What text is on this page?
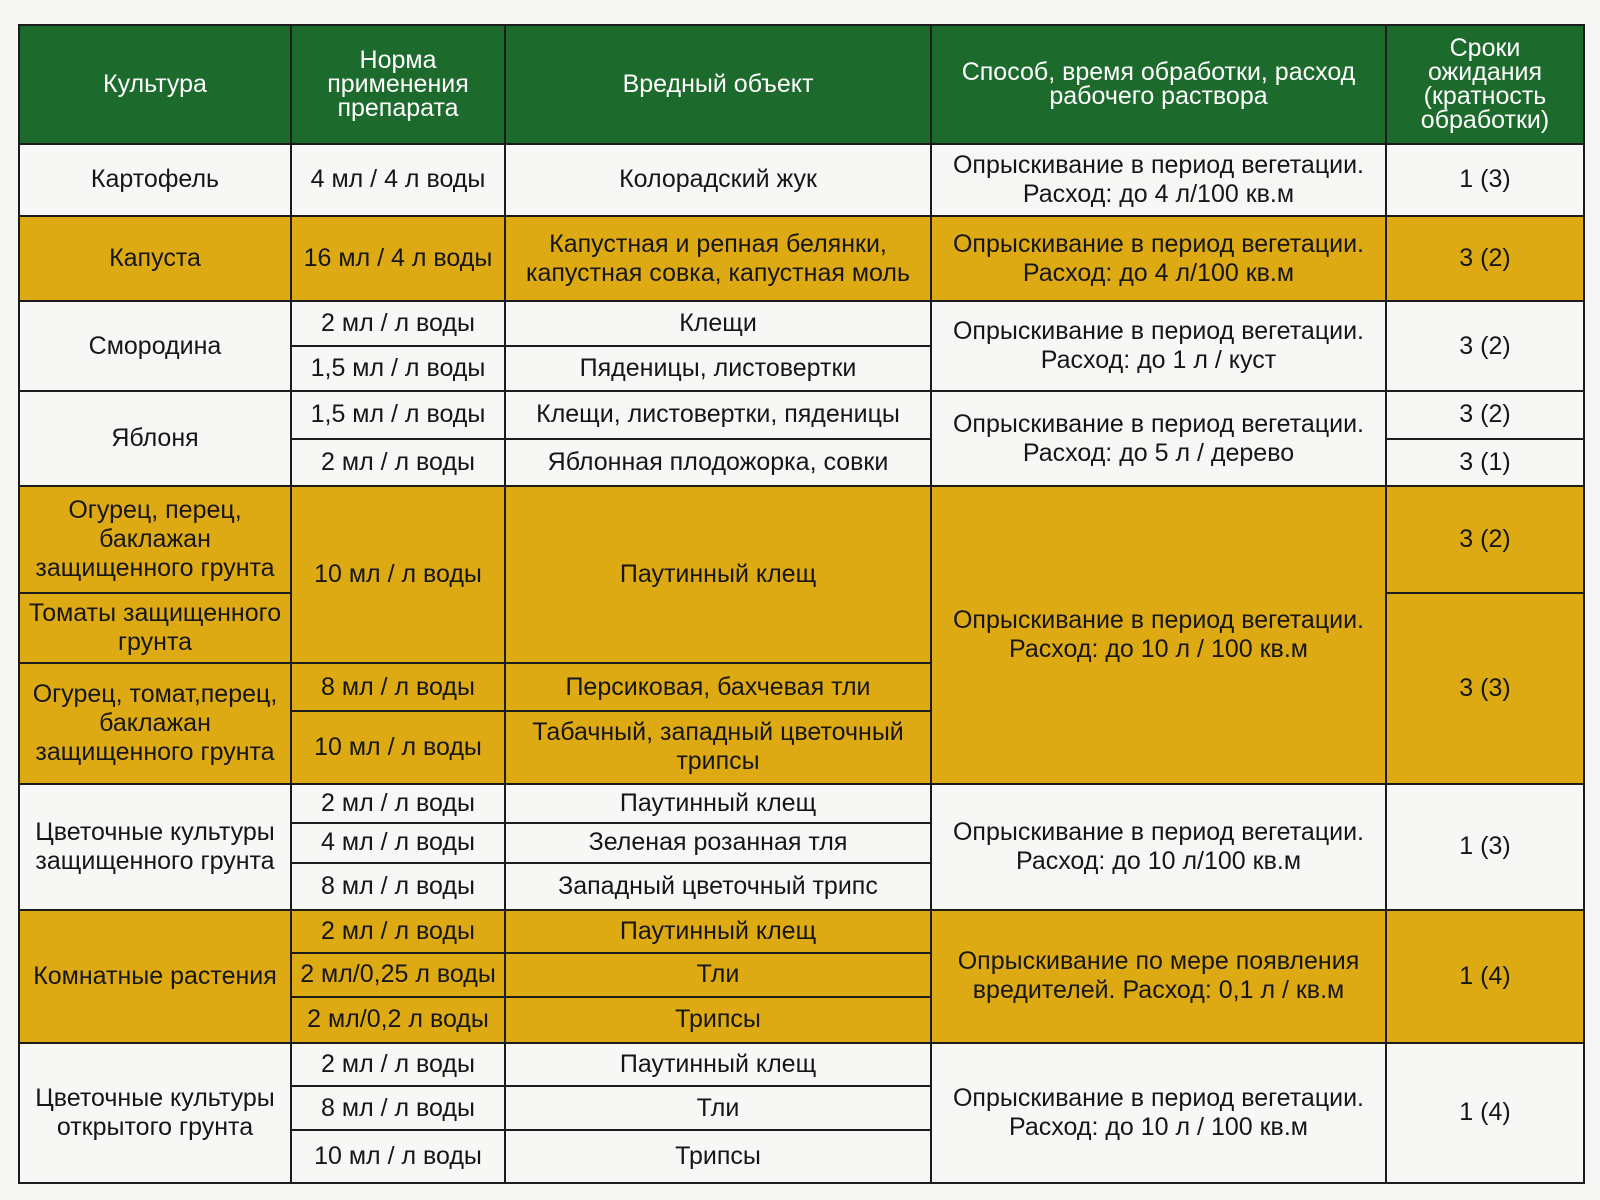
Культура	Норма применения препарата	Вредный объект	Способ, время обработки, расход рабочего раствора	Сроки ожидания (кратность обработки)
Картофель	4 мл / 4 л воды	Колорадский жук	Опрыскивание в период вегетации. Расход: до 4 л/100 кв.м	1 (3)
Капуста	16 мл / 4 л воды	Капустная и репная белянки, капустная совка, капустная моль	Опрыскивание в период вегетации. Расход: до 4 л/100 кв.м	3 (2)
Смородина	2 мл / л воды	Клещи	Опрыскивание в период вегетации. Расход: до 1 л / куст	3 (2)
	1,5 мл / л воды	Пяденицы, листовертки		
Яблоня	1,5 мл / л воды	Клещи, листовертки, пяденицы	Опрыскивание в период вегетации. Расход: до 5 л / дерево	3 (2)
	2 мл / л воды	Яблонная плодожорка, совки		3 (1)
Огурец, перец, баклажан защищенного грунта	10 мл / л воды	Паутинный клещ	Опрыскивание в период вегетации. Расход: до 10 л / 100 кв.м	3 (2)
Томаты защищенного грунта				3 (3)
Огурец, томат,перец, баклажан защищенного грунта	8 мл / л воды	Персиковая, бахчевая тли		
	10 мл / л воды	Табачный, западный цветочный трипсы		
Цветочные культуры защищенного грунта	2 мл / л воды	Паутинный клещ	Опрыскивание в период вегетации. Расход: до 10 л/100 кв.м	1 (3)
	4 мл / л воды	Зеленая розанная тля		
	8 мл / л воды	Западный цветочный трипс		
Комнатные растения	2 мл / л воды	Паутинный клещ	Опрыскивание по мере появления вредителей. Расход: 0,1 л / кв.м	1 (4)
	2 мл/0,25 л воды	Тли		
	2 мл/0,2 л воды	Трипсы		
Цветочные культуры открытого грунта	2 мл / л воды	Паутинный клещ	Опрыскивание в период вегетации. Расход: до 10 л / 100 кв.м	1 (4)
	8 мл / л воды	Тли		
	10 мл / л воды	Трипсы		
